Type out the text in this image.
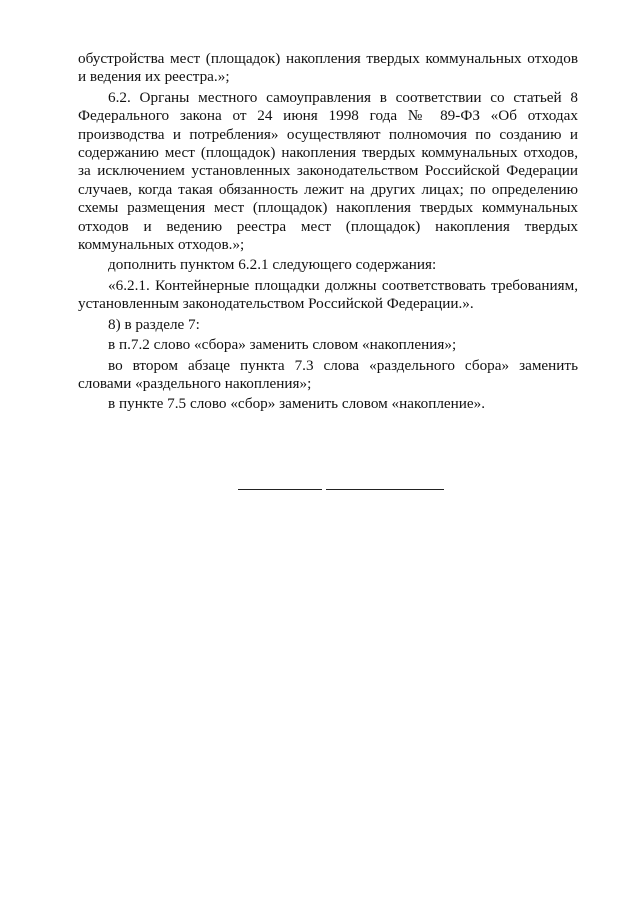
обустройства мест (площадок) накопления твердых коммунальных отходов и ведения их реестра.»;

6.2. Органы местного самоуправления в соответствии со статьей 8 Федерального закона от 24 июня 1998 года № 89-ФЗ «Об отходах производства и потребления» осуществляют полномочия по созданию и содержанию мест (площадок) накопления твердых коммунальных отходов, за исключением установленных законодательством Российской Федерации случаев, когда такая обязанность лежит на других лицах; по определению схемы размещения мест (площадок) накопления твердых коммунальных отходов и ведению реестра мест (площадок) накопления твердых коммунальных отходов.»;

дополнить пунктом 6.2.1 следующего содержания:

«6.2.1. Контейнерные площадки должны соответствовать требованиям, установленным законодательством Российской Федерации.».

8) в разделе 7:

в п.7.2 слово «сбора» заменить словом «накопления»;

во втором абзаце пункта 7.3 слова «раздельного сбора» заменить словами «раздельного накопления»;

в пункте 7.5 слово «сбор» заменить словом «накопление».
